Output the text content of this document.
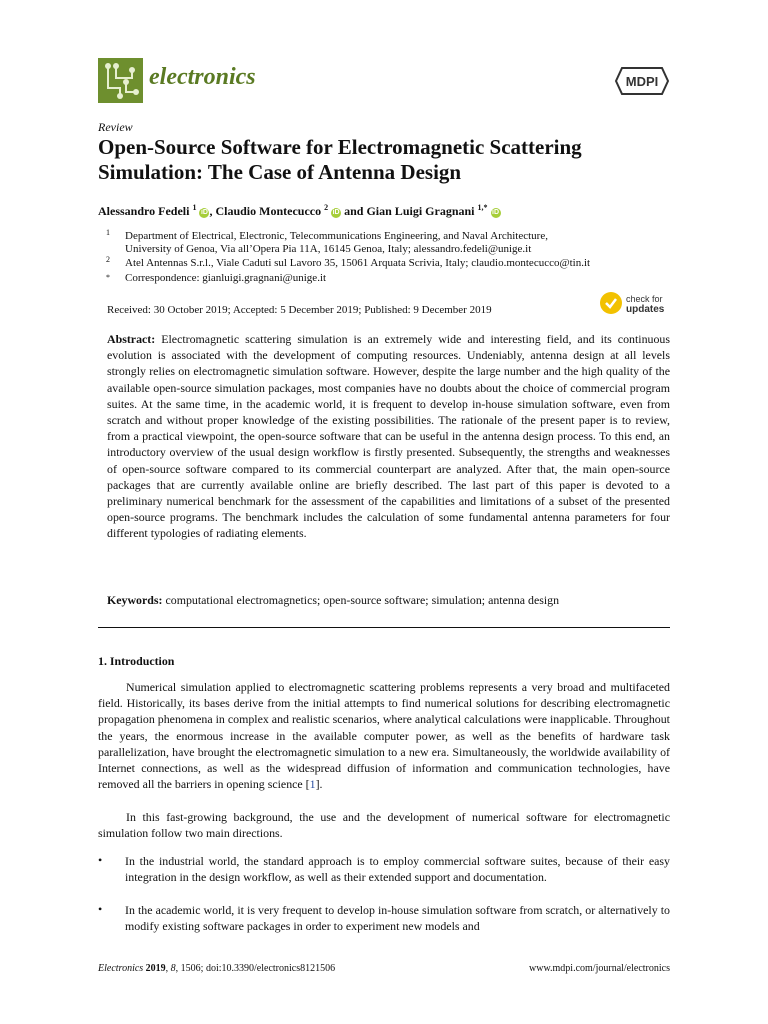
electronics	MDPI
Review
Open-Source Software for Electromagnetic Scattering Simulation: The Case of Antenna Design
Alessandro Fedeli $^1$ iD , Claudio Montecucco $^2$ iD and Gian Luigi Gragnani $^{1,*}$ iD
1 Department of Electrical, Electronic, Telecommunications Engineering, and Naval Architecture,
University of Genoa, Via all’Opera Pia 11A, 16145 Genoa, Italy; alessandro.fedeli@unige.it
2 Atel Antennas S.r.l., Viale Caduti sul Lavoro 35, 15061 Arquata Scrivia, Italy; claudio.montecucco@tin.it
* Correspondence: gianluigi.gragnani@unige.it
Received: 30 October 2019; Accepted: 5 December 2019; Published: 9 December 2019
check for
updates
Abstract: Electromagnetic scattering simulation is an extremely wide and interesting field, and its continuous evolution is associated with the development of computing resources. Undeniably, antenna design at all levels strongly relies on electromagnetic simulation software. However, despite the large number and the high quality of the available open-source simulation packages, most companies have no doubts about the choice of commercial program suites. At the same time, in the academic world, it is frequent to develop in-house simulation software, even from scratch and without proper knowledge of the existing possibilities. The rationale of the present paper is to review, from a practical viewpoint, the open-source software that can be useful in the antenna design process. To this end, an introductory overview of the usual design workflow is firstly presented. Subsequently, the strengths and weaknesses of open-source software compared to its commercial counterpart are analyzed. After that, the main open-source packages that are currently available online are briefly described. The last part of this paper is devoted to a preliminary numerical benchmark for the assessment of the capabilities and limitations of a subset of the presented open-source programs. The benchmark includes the calculation of some fundamental antenna parameters for four different typologies of radiating elements.
Keywords: computational electromagnetics; open-source software; simulation; antenna design
1. Introduction
Numerical simulation applied to electromagnetic scattering problems represents a very broad and multifaceted field. Historically, its bases derive from the initial attempts to find numerical solutions for describing electromagnetic propagation phenomena in complex and realistic scenarios, where analytical calculations were inapplicable. Throughout the years, the enormous increase in the available computer power, as well as the benefits of hardware task parallelization, have brought the electromagnetic simulation to a new era. Simultaneously, the worldwide availability of Internet connections, as well as the widespread diffusion of information and communication technologies, have removed all the barriers in opening science [1].
In this fast-growing background, the use and the development of numerical software for electromagnetic simulation follow two main directions.
• In the industrial world, the standard approach is to employ commercial software suites, because of their easy integration in the design workflow, as well as their extended support and documentation.
• In the academic world, it is very frequent to develop in-house simulation software from scratch, or alternatively to modify existing software packages in order to experiment new models and
Electronics 2019, 8, 1506; doi:10.3390/electronics8121506	www.mdpi.com/journal/electronics
